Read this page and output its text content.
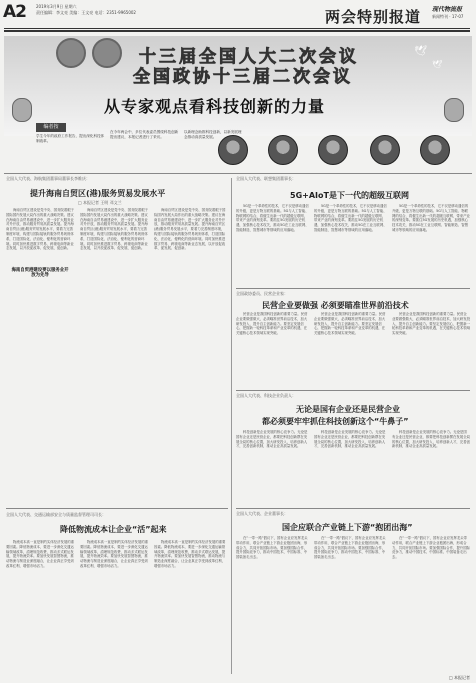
A2	2019年3月9日 星期六
责任编辑：李文亮 美编：王文亮 电话：2351-9965002	两会特别报道 现代物流报
新闻特刊 · 17-07
🕊
🕊
十三届全国人大二次会议
全国政协十三届二次会议
从专家观点看科技创新的力量
编者按
学生今年的政府工作报告，提出深化科技体制改革。
在今年两会中，多位代表委员围绕科技创新提出建议，本报记者进行了采访。
以新理念助推科技创新，以新发展理念推动高质量发展。
全国人大代表、海航集团董事局董事长李维庆：
提升海南自贸区(港)服务贸易发展水平
□ 本报记者 王明 邓文兰

海南自贸区建设是党中央、国务院着眼于国际国内发展大局作出的重大战略决策。建议在海南自由贸易港建设中，进一步扩大服务业对外开放，推动服务贸易高质量发展。提升海南自贸区(港)服务贸易发展水平，要着力完善制度环境，构建与国际接轨的服务贸易规则体系，打造国际化、法治化、便利化的营商环境。同时加快推进数字贸易、跨境电商等新业态发展，以开放促改革、促发展、促创新。

海南自贸区建设是党中央、国务院着眼于国际国内发展大局作出的重大战略决策。建议在海南自由贸易港建设中，进一步扩大服务业对外开放，推动服务贸易高质量发展。提升海南自贸区(港)服务贸易发展水平，要着力完善制度环境，构建与国际接轨的服务贸易规则体系，打造国际化、法治化、便利化的营商环境。同时加快推进数字贸易、跨境电商等新业态发展，以开放促改革、促发展、促创新。

海南自贸区建设是党中央、国务院着眼于国际国内发展大局作出的重大战略决策。建议在海南自由贸易港建设中，进一步扩大服务业对外开放，推动服务贸易高质量发展。提升海南自贸区(港)服务贸易发展水平，要着力完善制度环境，构建与国际接轨的服务贸易规则体系，打造国际化、法治化、便利化的营商环境。同时加快推进数字贸易、跨境电商等新业态发展，以开放促改革、促发展、促创新。

海南自贸港建设要以服务业开放为先导
全国人大代表、交通运输部安全与质量监督管理司司长：
降低物流成本让企业“活”起来

物流成本高一直是制约实体经济发展的重要因素。降低物流成本，要进一步深化交通运输领域改革，清理规范收费，推动多式联运发展，提升物流效率。要加快发展智慧物流，推动物流与制造业深度融合，让企业真正享受到改革红利，增强市场活力。

物流成本高一直是制约实体经济发展的重要因素。降低物流成本，要进一步深化交通运输领域改革，清理规范收费，推动多式联运发展，提升物流效率。要加快发展智慧物流，推动物流与制造业深度融合，让企业真正享受到改革红利，增强市场活力。

物流成本高一直是制约实体经济发展的重要因素。降低物流成本，要进一步深化交通运输领域改革，清理规范收费，推动多式联运发展，提升物流效率。要加快发展智慧物流，推动物流与制造业深度融合，让企业真正享受到改革红利，增强市场活力。

全国人大代表、联想集团董事长：
5G+AIoT是下一代的超级互联网

5G是一个革命性的技术，它不仅是移动通信的升级，更是万物互联的基础。5G与人工智能、物联网的结合，将催生出新一代的超级互联网，带来产业的深刻变革。要抓住5G发展的历史机遇，加强核心技术攻关，推动5G在工业互联网、智能制造、智慧城市等领域的应用落地。

5G是一个革命性的技术，它不仅是移动通信的升级，更是万物互联的基础。5G与人工智能、物联网的结合，将催生出新一代的超级互联网，带来产业的深刻变革。要抓住5G发展的历史机遇，加强核心技术攻关，推动5G在工业互联网、智能制造、智慧城市等领域的应用落地。

5G是一个革命性的技术，它不仅是移动通信的升级，更是万物互联的基础。5G与人工智能、物联网的结合，将催生出新一代的超级互联网，带来产业的深刻变革。要抓住5G发展的历史机遇，加强核心技术攻关，推动5G在工业互联网、智能制造、智慧城市等领域的应用落地。

全国政协委员、民营企业家：
民营企业要做强 必须要瞄准世界前沿技术

民营企业是我国科技创新的重要力量。民营企业要做强做大，必须瞄准世界前沿技术，加大研发投入，提升自主创新能力。要坚定发展信心，把握新一轮科技革命和产业变革的机遇，在关键核心技术领域实现突破。

民营企业是我国科技创新的重要力量。民营企业要做强做大，必须瞄准世界前沿技术，加大研发投入，提升自主创新能力。要坚定发展信心，把握新一轮科技革命和产业变革的机遇，在关键核心技术领域实现突破。

民营企业是我国科技创新的重要力量。民营企业要做强做大，必须瞄准世界前沿技术，加大研发投入，提升自主创新能力。要坚定发展信心，把握新一轮科技革命和产业变革的机遇，在关键核心技术领域实现突破。

全国人大代表、科技企业负责人：
无论是国有企业还是民营企业
都必须要牢牢抓住科技创新这个“牛鼻子”

科技创新是企业发展的核心竞争力。无论是国有企业还是民营企业，都要把科技创新摆在发展全局的核心位置，加大研发投入，培养创新人才，完善创新机制，推动企业高质量发展。

科技创新是企业发展的核心竞争力。无论是国有企业还是民营企业，都要把科技创新摆在发展全局的核心位置，加大研发投入，培养创新人才，完善创新机制，推动企业高质量发展。

科技创新是企业发展的核心竞争力。无论是国有企业还是民营企业，都要把科技创新摆在发展全局的核心位置，加大研发投入，培养创新人才，完善创新机制，推动企业高质量发展。

全国人大代表、企业董事长：
国企应联合产业链上下游“抱团出海”

在“一带一路”倡议下，国有企业应发挥龙头带动作用，联合产业链上下游企业抱团出海，形成合力，共同开拓国际市场。要加强国际合作，提升国际竞争力，推动中国技术、中国标准、中国装备走出去。

在“一带一路”倡议下，国有企业应发挥龙头带动作用，联合产业链上下游企业抱团出海，形成合力，共同开拓国际市场。要加强国际合作，提升国际竞争力，推动中国技术、中国标准、中国装备走出去。

在“一带一路”倡议下，国有企业应发挥龙头带动作用，联合产业链上下游企业抱团出海，形成合力，共同开拓国际市场。要加强国际合作，提升国际竞争力，推动中国技术、中国标准、中国装备走出去。

□ 本报记者
